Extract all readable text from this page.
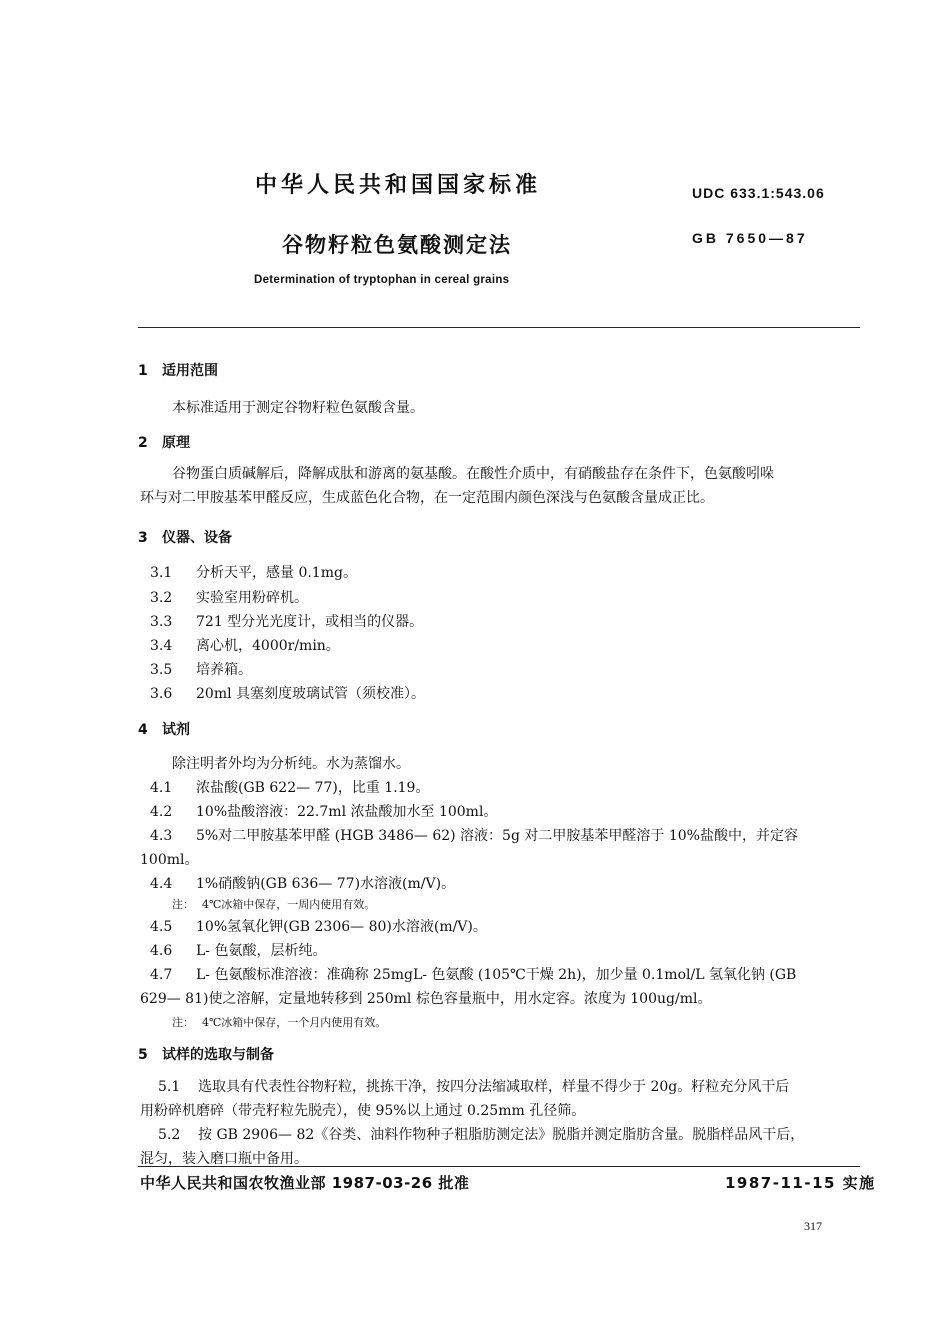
中华人民共和国国家标准	UDC 633.1:543.06
谷物籽粒色氨酸测定法	GB 7650—87
Determination of tryptophan in cereal grains
1 适用范围
本标准适用于测定谷物籽粒色氨酸含量。
2 原理
谷物蛋白质碱解后，降解成肽和游离的氨基酸。在酸性介质中，有硝酸盐存在条件下，色氨酸吲哚
环与对二甲胺基苯甲醛反应，生成蓝色化合物，在一定范围内颜色深浅与色氨酸含量成正比。
3 仪器、设备
3.1 分析天平，感量 0.1mg。
3.2 实验室用粉碎机。
3.3 721 型分光光度计，或相当的仪器。
3.4 离心机，4000r/min。
3.5 培养箱。
3.6 20ml 具塞刻度玻璃试管（须校准）。
4 试剂
除注明者外均为分析纯。水为蒸馏水。
4.1 浓盐酸(GB 622— 77)，比重 1.19。
4.2 10%盐酸溶液：22.7ml 浓盐酸加水至 100ml。
4.3 5%对二甲胺基苯甲醛 (HGB 3486— 62) 溶液：5g 对二甲胺基苯甲醛溶于 10%盐酸中，并定容
100ml。
4.4 1%硝酸钠(GB 636— 77)水溶液(m/V)。
注： 4℃冰箱中保存，一周内使用有效。
4.5 10%氢氧化钾(GB 2306— 80)水溶液(m/V)。
4.6 L- 色氨酸，层析纯。
4.7 L- 色氨酸标准溶液：准确称 25mgL- 色氨酸 (105℃干燥 2h)，加少量 0.1mol/L 氢氧化钠 (GB
629— 81)使之溶解，定量地转移到 250ml 棕色容量瓶中，用水定容。浓度为 100ug/ml。
注： 4℃冰箱中保存，一个月内使用有效。
5 试样的选取与制备
5.1 选取具有代表性谷物籽粒，挑拣干净，按四分法缩减取样，样量不得少于 20g。籽粒充分风干后
用粉碎机磨碎（带壳籽粒先脱壳），使 95%以上通过 0.25mm 孔径筛。
5.2 按 GB 2906— 82《谷类、油料作物种子粗脂肪测定法》脱脂并测定脂肪含量。脱脂样品风干后，
混匀，装入磨口瓶中备用。
中华人民共和国农牧渔业部 1987-03-26 批准	1987-11-15 实施
317
